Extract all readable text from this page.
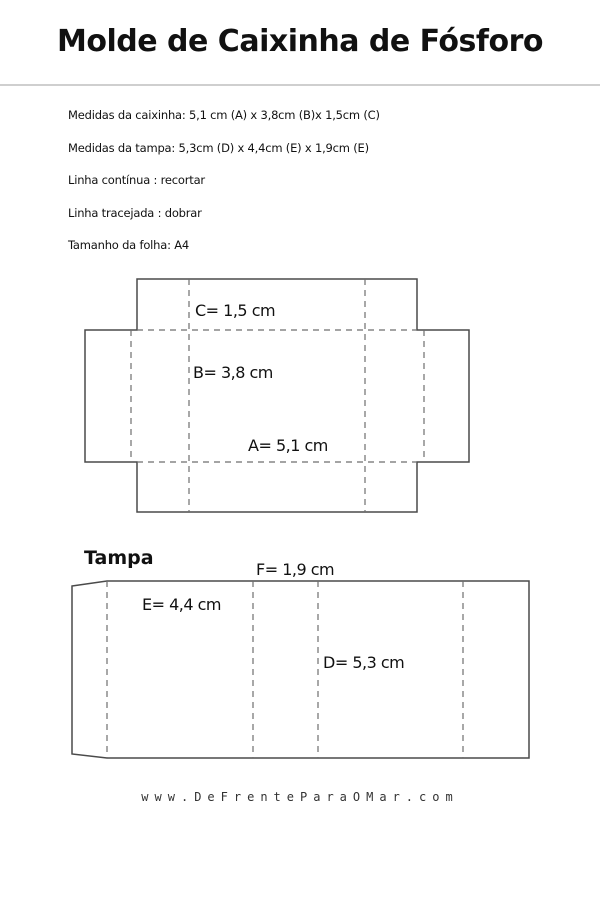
Molde de Caixinha de Fósforo
Medidas da caixinha: 5,1 cm (A) x 3,8cm (B)x 1,5cm (C)
Medidas da tampa: 5,3cm (D) x 4,4cm (E) x 1,9cm (E)
Linha contínua : recortar
Linha tracejada : dobrar
Tamanho da folha: A4
C= 1,5 cm
B= 3,8 cm
A= 5,1 cm
Tampa
F= 1,9 cm
E= 4,4 cm
D= 5,3 cm
www.DeFrenteParaOMar.com
